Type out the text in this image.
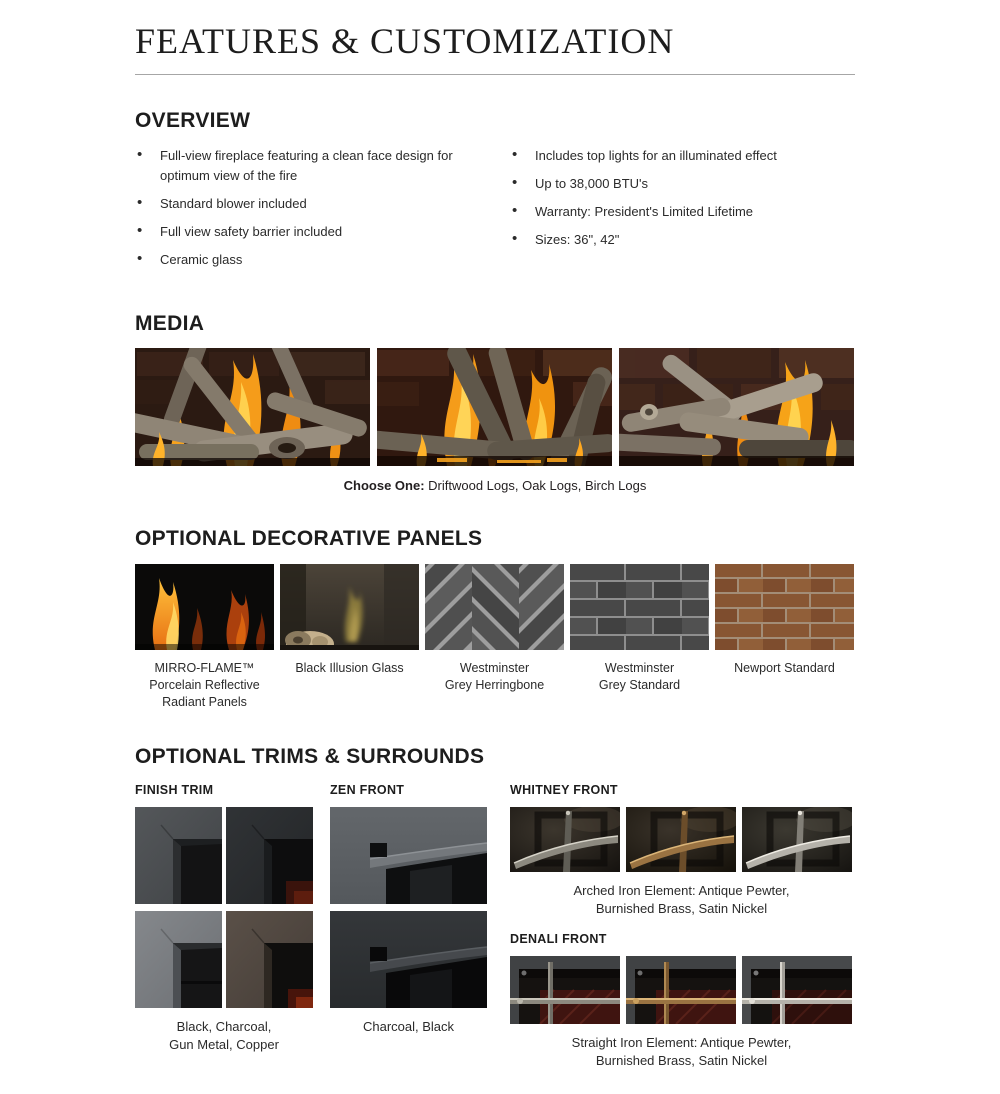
FEATURES & CUSTOMIZATION
OVERVIEW
• Full-view fireplace featuring a clean face design for optimum view of the fire
• Standard blower included
• Full view safety barrier included
• Ceramic glass
• Includes top lights for an illuminated effect
• Up to 38,000 BTU's
• Warranty: President's Limited Lifetime
• Sizes: 36", 42"
MEDIA

Choose One: Driftwood Logs, Oak Logs, Birch Logs

OPTIONAL DECORATIVE PANELS
MIRRO-FLAME™
Porcelain Reflective
Radiant Panels
Black Illusion Glass	Westminster
Grey Herringbone
Westminster
Grey Standard
Newport Standard
OPTIONAL TRIMS & SURROUNDS
FINISH TRIM
Black, Charcoal,
Gun Metal, Copper
ZEN FRONT
Charcoal, Black
WHITNEY FRONT
Arched Iron Element: Antique Pewter,
Burnished Brass, Satin Nickel
DENALI FRONT
Straight Iron Element: Antique Pewter,
Burnished Brass, Satin Nickel
